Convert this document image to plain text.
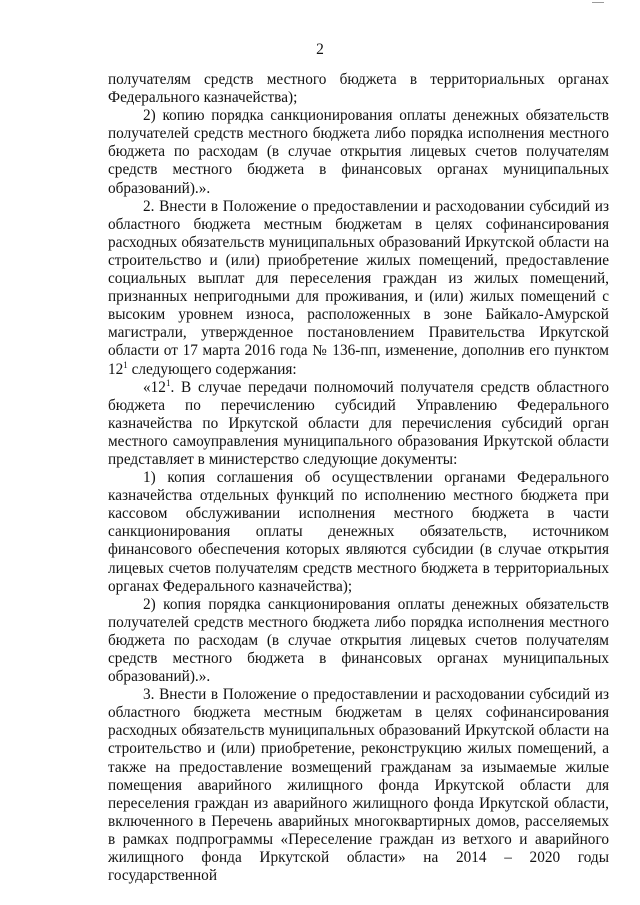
2

получателям средств местного бюджета в территориальных органах Федерального казначейства);

2) копию порядка санкционирования оплаты денежных обязательств получателей средств местного бюджета либо порядка исполнения местного бюджета по расходам (в случае открытия лицевых счетов получателям средств местного бюджета в финансовых органах муниципальных образований).».

2. Внести в Положение о предоставлении и расходовании субсидий из областного бюджета местным бюджетам в целях софинансирования расходных обязательств муниципальных образований Иркутской области на строительство и (или) приобретение жилых помещений, предоставление социальных выплат для переселения граждан из жилых помещений, признанных непригодными для проживания, и (или) жилых помещений с высоким уровнем износа, расположенных в зоне Байкало-Амурской магистрали, утвержденное постановлением Правительства Иркутской области от 17 марта 2016 года № 136-пп, изменение, дополнив его пунктом $12^1$ следующего содержания:

«$12^1$. В случае передачи полномочий получателя средств областного бюджета по перечислению субсидий Управлению Федерального казначейства по Иркутской области для перечисления субсидий орган местного самоуправления муниципального образования Иркутской области представляет в министерство следующие документы:

1) копия соглашения об осуществлении органами Федерального казначейства отдельных функций по исполнению местного бюджета при кассовом обслуживании исполнения местного бюджета в части санкционирования оплаты денежных обязательств, источником финансового обеспечения которых являются субсидии (в случае открытия лицевых счетов получателям средств местного бюджета в территориальных органах Федерального казначейства);

2) копия порядка санкционирования оплаты денежных обязательств получателей средств местного бюджета либо порядка исполнения местного бюджета по расходам (в случае открытия лицевых счетов получателям средств местного бюджета в финансовых органах муниципальных образований).».

3. Внести в Положение о предоставлении и расходовании субсидий из областного бюджета местным бюджетам в целях софинансирования расходных обязательств муниципальных образований Иркутской области на строительство и (или) приобретение, реконструкцию жилых помещений, а также на предоставление возмещений гражданам за изымаемые жилые помещения аварийного жилищного фонда Иркутской области для переселения граждан из аварийного жилищного фонда Иркутской области, включенного в Перечень аварийных многоквартирных домов, расселяемых в рамках подпрограммы «Переселение граждан из ветхого и аварийного жилищного фонда Иркутской области» на 2014 – 2020 годы государственной
